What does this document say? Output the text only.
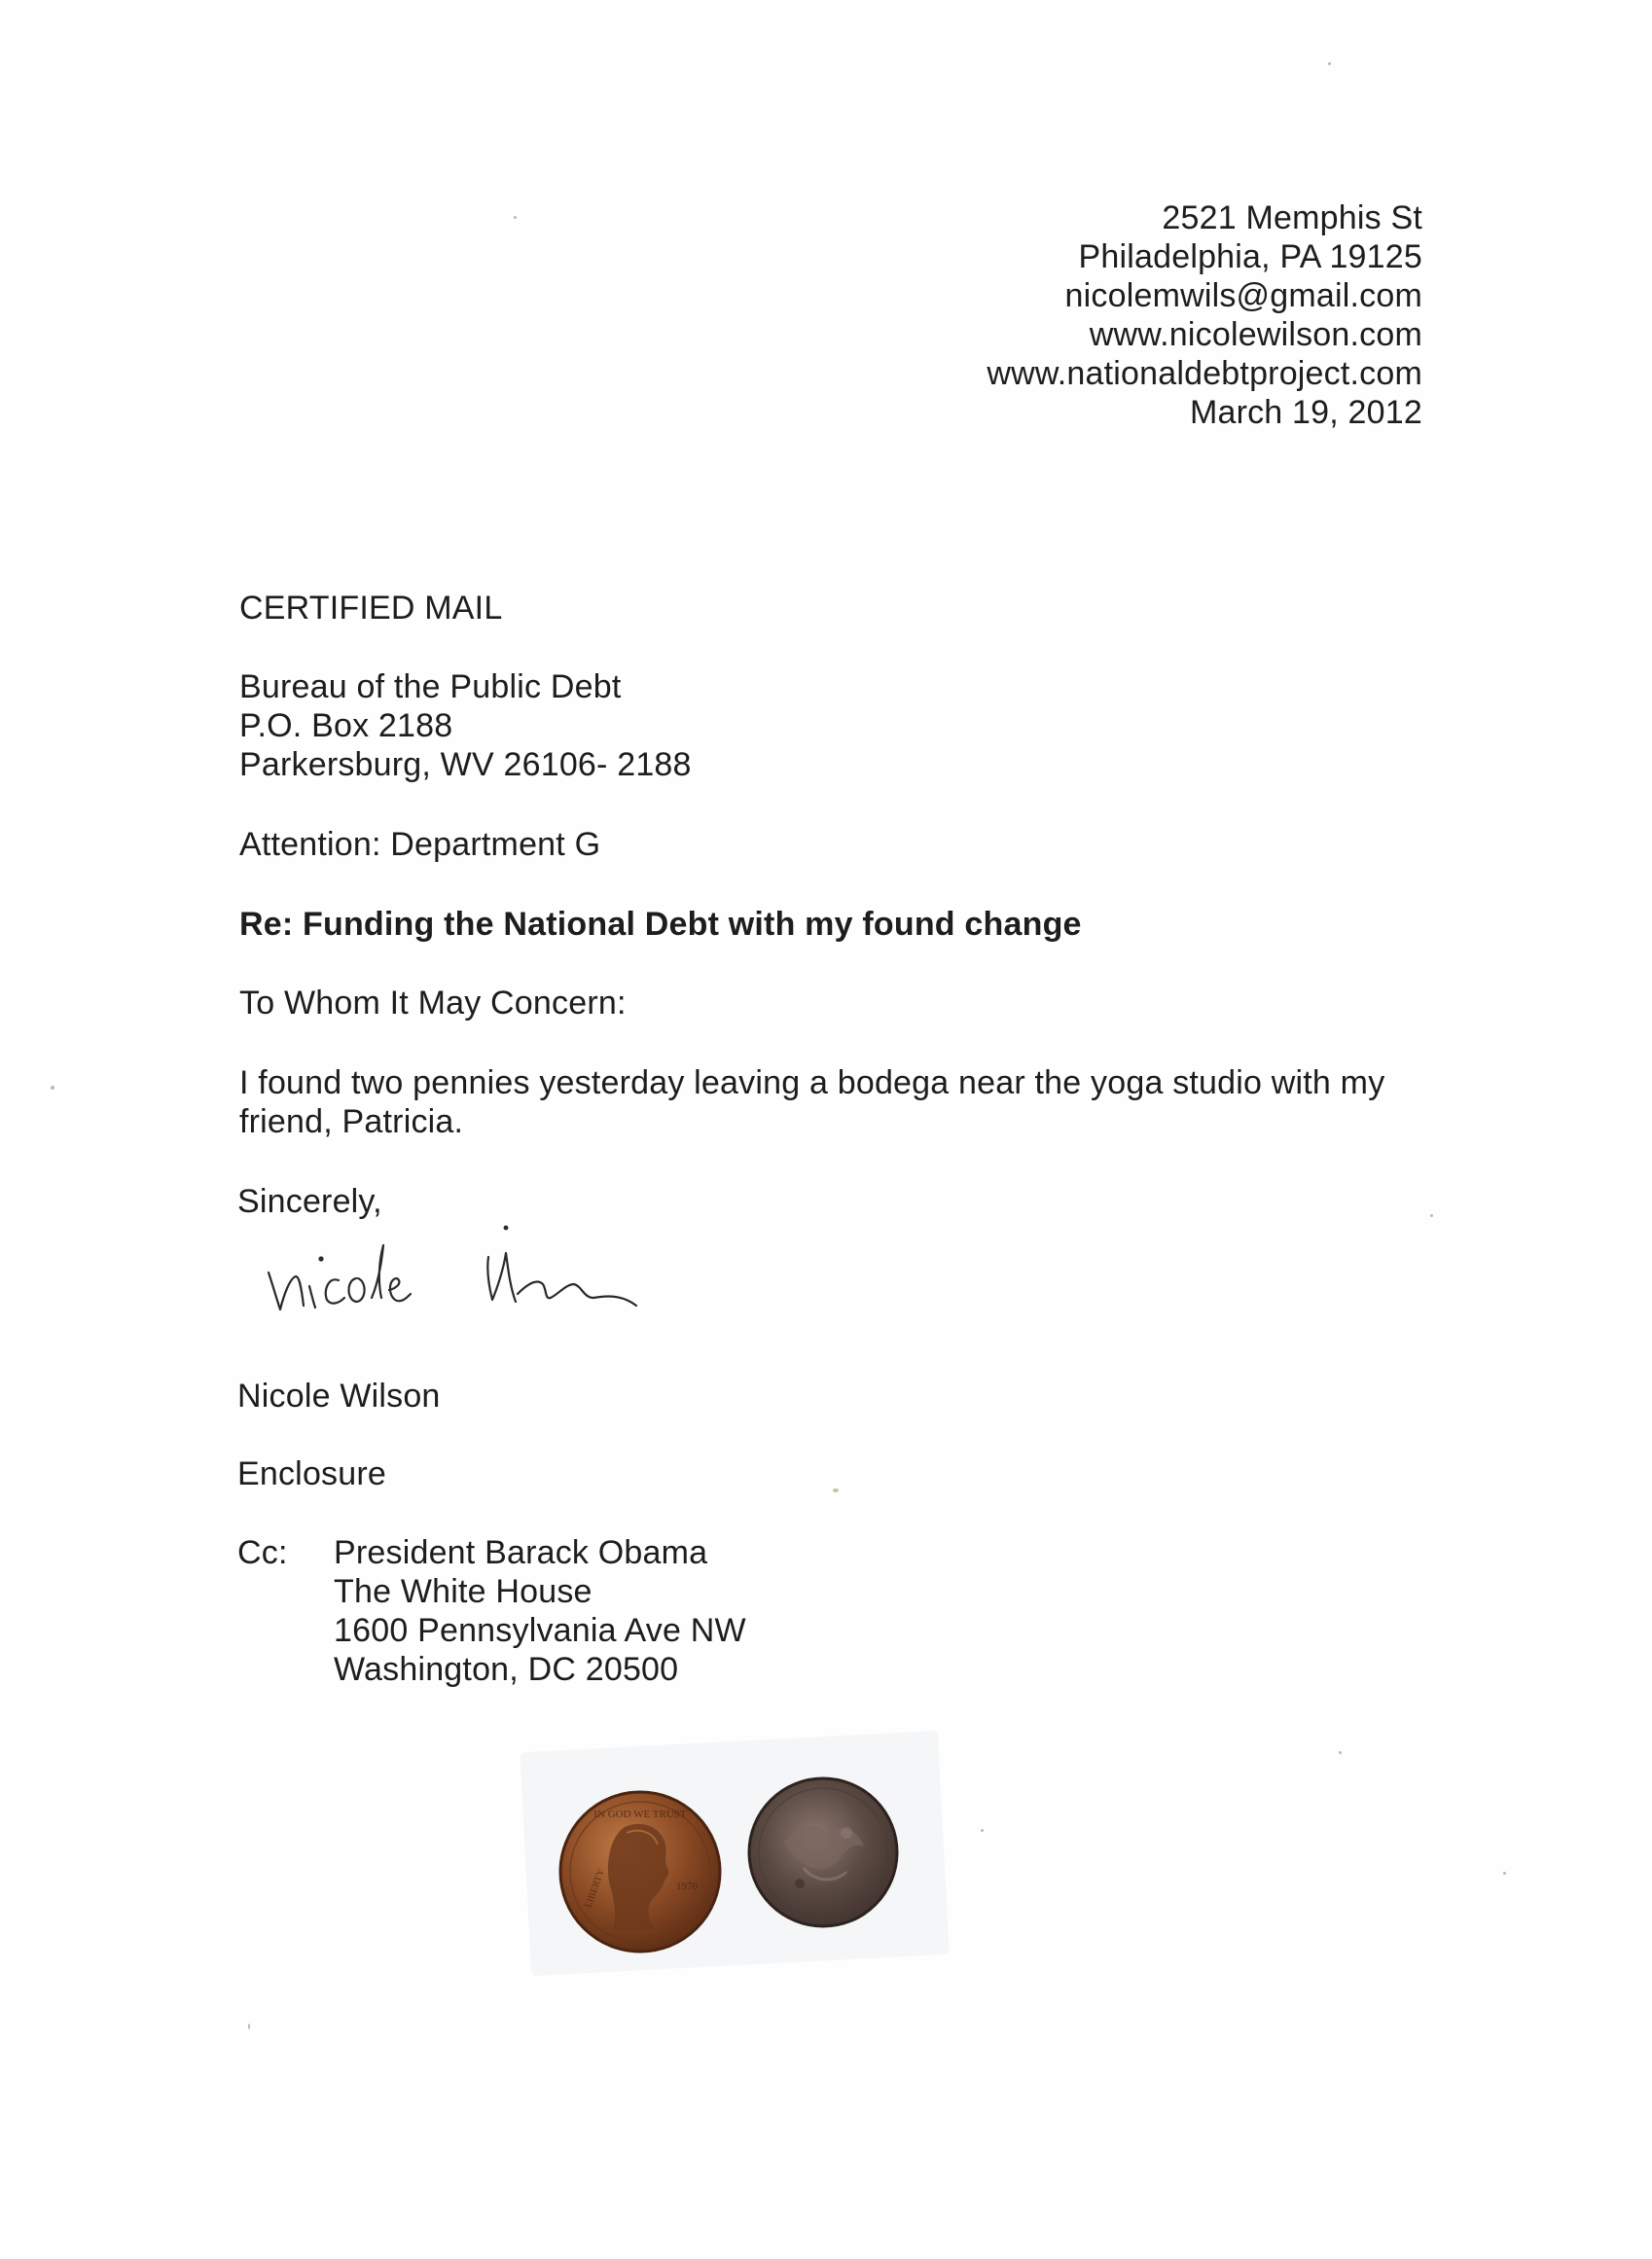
2521 Memphis St
Philadelphia, PA 19125
nicolemwils@gmail.com
www.nicolewilson.com
www.nationaldebtproject.com
March 19, 2012
CERTIFIED MAIL
Bureau of the Public Debt
P.O. Box 2188
Parkersburg, WV 26106- 2188
Attention: Department G
Re: Funding the National Debt with my found change
To Whom It May Concern:
I found two pennies yesterday leaving a bodega near the yoga studio with my
friend, Patricia.
Sincerely,
Nicole Wilson
Enclosure
Cc: President Barack Obama
The White House
1600 Pennsylvania Ave NW
Washington, DC 20500
IN GOD WE TRUST
1970
LIBERTY
